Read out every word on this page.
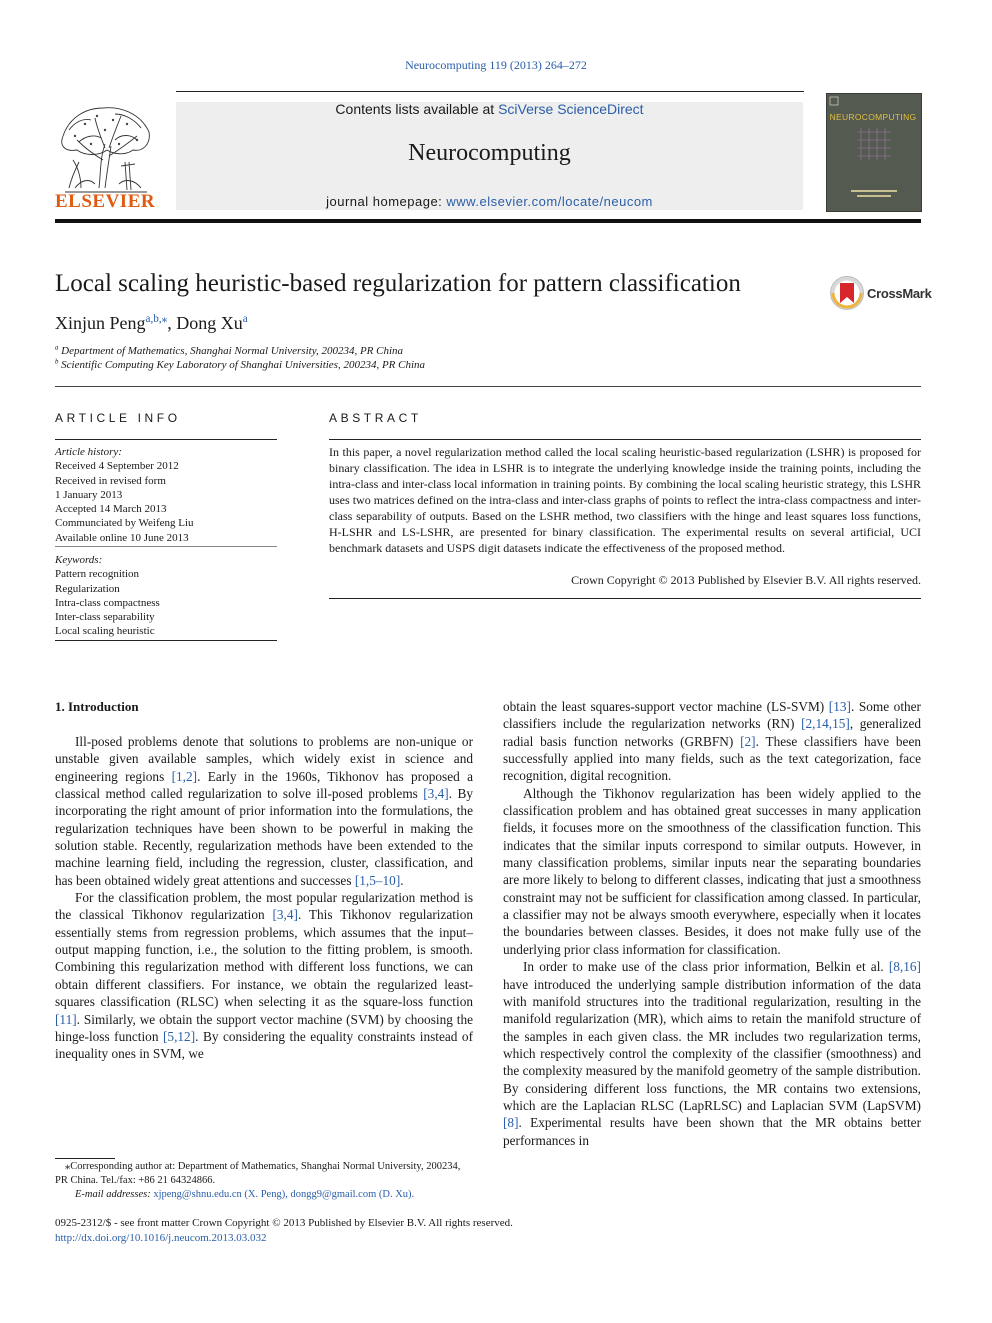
Neurocomputing 119 (2013) 264–272
Contents lists available at SciVerse ScienceDirect
Neurocomputing
journal homepage: www.elsevier.com/locate/neucom
ELSEVIER
NEUROCOMPUTING
Local scaling heuristic-based regularization for pattern classification	CrossMark
Xinjun Peng$^{a,b,⁎}$, Dong Xu$^a$
$^a$ Department of Mathematics, Shanghai Normal University, 200234, PR China
$^b$ Scientific Computing Key Laboratory of Shanghai Universities, 200234, PR China
ARTICLE INFO
Article history:
Received 4 September 2012
Received in revised form
1 January 2013
Accepted 14 March 2013
Communciated by Weifeng Liu
Available online 10 June 2013
Keywords:
Pattern recognition
Regularization
Intra-class compactness
Inter-class separability
Local scaling heuristic
ABSTRACT
In this paper, a novel regularization method called the local scaling heuristic-based regularization (LSHR) is proposed for binary classification. The idea in LSHR is to integrate the underlying knowledge inside the training points, including the intra-class and inter-class local information in training points. By combining the local scaling heuristic strategy, this LSHR uses two matrices defined on the intra-class and inter-class graphs of points to reflect the intra-class compactness and inter-class separability of outputs. Based on the LSHR method, two classifiers with the hinge and least squares loss functions, H-LSHR and LS-LSHR, are presented for binary classification. The experimental results on several artificial, UCI benchmark datasets and USPS digit datasets indicate the effectiveness of the proposed method.
Crown Copyright © 2013 Published by Elsevier B.V. All rights reserved.
1. Introduction

Ill-posed problems denote that solutions to problems are non-unique or unstable given available samples, which widely exist in science and engineering regions [1,2]. Early in the 1960s, Tikhonov has proposed a classical method called regularization to solve ill-posed problems [3,4]. By incorporating the right amount of prior information into the formulations, the regularization techniques have been shown to be powerful in making the solution stable. Recently, regularization methods have been extended to the machine learning field, including the regression, cluster, classification, and has been obtained widely great attentions and successes [1,5–10].

For the classification problem, the most popular regularization method is the classical Tikhonov regularization [3,4]. This Tikhonov regularization essentially stems from regression problems, which assumes that the input–output mapping function, i.e., the solution to the fitting problem, is smooth. Combining this regularization method with different loss functions, we can obtain different classifiers. For instance, we obtain the regularized least-squares classification (RLSC) when selecting it as the square-loss function [11]. Similarly, we obtain the support vector machine (SVM) by choosing the hinge-loss function [5,12]. By considering the equality constraints instead of inequality ones in SVM, we

obtain the least squares-support vector machine (LS-SVM) [13]. Some other classifiers include the regularization networks (RN) [2,14,15], generalized radial basis function networks (GRBFN) [2]. These classifiers have been successfully applied into many fields, such as the text categorization, face recognition, digital recognition.

Although the Tikhonov regularization has been widely applied to the classification problem and has obtained great successes in many application fields, it focuses more on the smoothness of the classification function. This indicates that the similar inputs correspond to similar outputs. However, in many classification problems, similar inputs near the separating boundaries are more likely to belong to different classes, indicating that just a smoothness constraint may not be sufficient for classification among classed. In particular, a classifier may not be always smooth everywhere, especially when it locates the boundaries between classes. Besides, it does not make fully use of the underlying prior class information for classification.

In order to make use of the class prior information, Belkin et al. [8,16] have introduced the underlying sample distribution information of the data with manifold structures into the traditional regularization, resulting in the manifold regularization (MR), which aims to retain the manifold structure of the samples in each given class. the MR includes two regularization terms, which respectively control the complexity of the classifier (smoothness) and the complexity measured by the manifold geometry of the sample distribution. By considering different loss functions, the MR contains two extensions, which are the Laplacian RLSC (LapRLSC) and Laplacian SVM (LapSVM) [8]. Experimental results have been shown that the MR obtains better performances in

⁎Corresponding author at: Department of Mathematics, Shanghai Normal University, 200234, PR China. Tel./fax: +86 21 64324866.

E-mail addresses: xjpeng@shnu.edu.cn (X. Peng), dongg9@gmail.com (D. Xu).

0925-2312/$ - see front matter Crown Copyright © 2013 Published by Elsevier B.V. All rights reserved.

http://dx.doi.org/10.1016/j.neucom.2013.03.032
